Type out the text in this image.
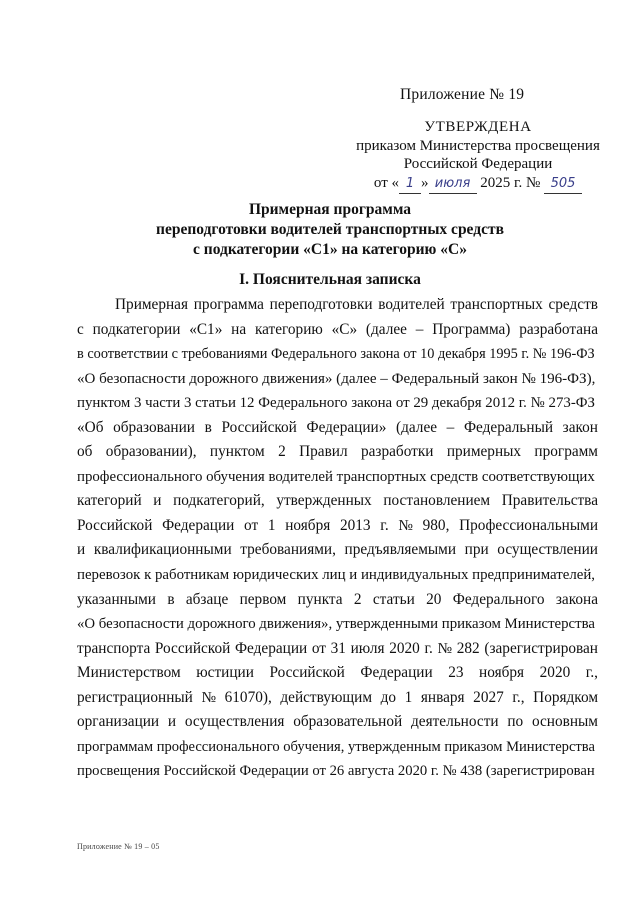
Приложение № 19
УТВЕРЖДЕНА
приказом Министерства просвещения
Российской Федерации
от « 1 » июля 2025 г. № 505
Примерная программа
переподготовки водителей транспортных средств
с подкатегории «С1» на категорию «С»
I. Пояснительная записка
Примерная программа переподготовки водителей транспортных средств
с подкатегории «С1» на категорию «С» (далее – Программа) разработана
в соответствии с требованиями Федерального закона от 10 декабря 1995 г. № 196-ФЗ
«О безопасности дорожного движения» (далее – Федеральный закон № 196-ФЗ),
пунктом 3 части 3 статьи 12 Федерального закона от 29 декабря 2012 г. № 273-ФЗ
«Об образовании в Российской Федерации» (далее – Федеральный закон
об образовании), пунктом 2 Правил разработки примерных программ
профессионального обучения водителей транспортных средств соответствующих
категорий и подкатегорий, утвержденных постановлением Правительства
Российской Федерации от 1 ноября 2013 г. № 980, Профессиональными
и квалификационными требованиями, предъявляемыми при осуществлении
перевозок к работникам юридических лиц и индивидуальных предпринимателей,
указанными в абзаце первом пункта 2 статьи 20 Федерального закона
«О безопасности дорожного движения», утвержденными приказом Министерства
транспорта Российской Федерации от 31 июля 2020 г. № 282 (зарегистрирован
Министерством юстиции Российской Федерации 23 ноября 2020 г.,
регистрационный № 61070), действующим до 1 января 2027 г., Порядком
организации и осуществления образовательной деятельности по основным
программам профессионального обучения, утвержденным приказом Министерства
просвещения Российской Федерации от 26 августа 2020 г. № 438 (зарегистрирован
Приложение № 19 – 05
